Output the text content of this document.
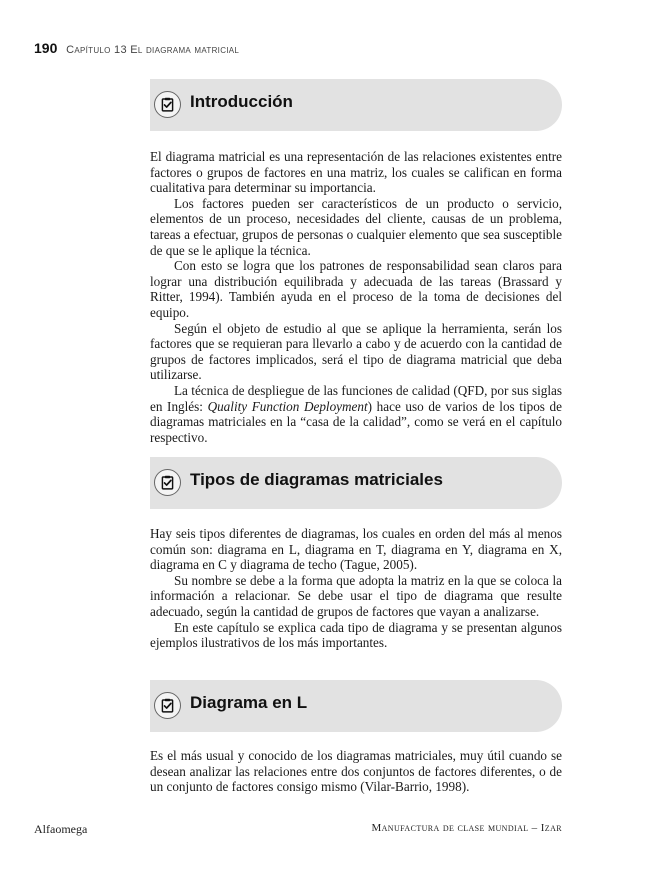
190 Capítulo 13 El diagrama matricial
Introducción

El diagrama matricial es una representación de las relaciones existentes entre factores o grupos de factores en una matriz, los cuales se califican en forma cualitativa para determinar su importancia.

Los factores pueden ser característicos de un producto o servicio, elementos de un proceso, necesidades del cliente, causas de un problema, tareas a efectuar, grupos de personas o cualquier elemento que sea susceptible de que se le aplique la técnica.

Con esto se logra que los patrones de responsabilidad sean claros para lograr una distribución equilibrada y adecuada de las tareas (Brassard y Ritter, 1994). También ayuda en el proceso de la toma de decisiones del equipo.

Según el objeto de estudio al que se aplique la herramienta, serán los factores que se requieran para llevarlo a cabo y de acuerdo con la cantidad de grupos de factores implicados, será el tipo de diagrama matricial que deba utilizarse.

La técnica de despliegue de las funciones de calidad (QFD, por sus siglas en Inglés: Quality Function Deployment) hace uso de varios de los tipos de diagramas matriciales en la “casa de la calidad”, como se verá en el capítulo respectivo.

Tipos de diagramas matriciales

Hay seis tipos diferentes de diagramas, los cuales en orden del más al menos común son: diagrama en L, diagrama en T, diagrama en Y, diagrama en X, diagrama en C y diagrama de techo (Tague, 2005).

Su nombre se debe a la forma que adopta la matriz en la que se coloca la información a relacionar. Se debe usar el tipo de diagrama que resulte adecuado, según la cantidad de grupos de factores que vayan a analizarse.

En este capítulo se explica cada tipo de diagrama y se presentan algunos ejemplos ilustrativos de los más importantes.

Diagrama en L

Es el más usual y conocido de los diagramas matriciales, muy útil cuando se desean analizar las relaciones entre dos conjuntos de factores diferentes, o de un conjunto de factores consigo mismo (Vilar-Barrio, 1998).

Alfaomega	Manufactura de clase mundial – Izar
